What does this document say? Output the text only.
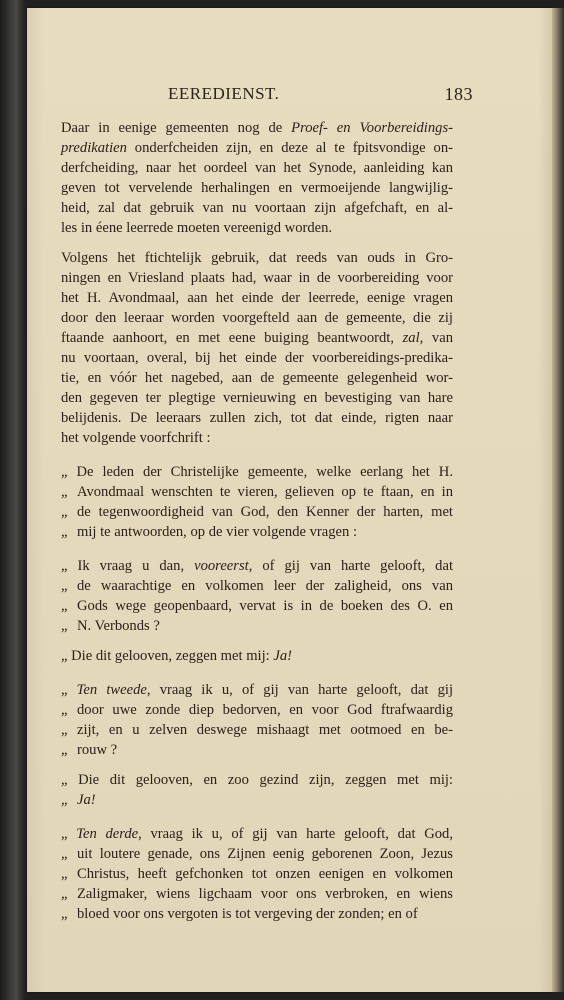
EEREDIENST.	183
Daar in eenige gemeenten nog de Proef- en Voorbereidings-
predikatien onderfcheiden zijn, en deze al te fpitsvondige on-
derfcheiding, naar het oordeel van het Synode, aanleiding kan
geven tot vervelende herhalingen en vermoeijende langwijlig-
heid, zal dat gebruik van nu voortaan zijn afgefchaft, en al-
les in éene leerrede moeten vereenigd worden.
Volgens het ftichtelijk gebruik, dat reeds van ouds in Gro-
ningen en Vriesland plaats had, waar in de voorbereiding voor
het H. Avondmaal, aan het einde der leerrede, eenige vragen
door den leeraar worden voorgefteld aan de gemeente, die zij
ftaande aanhoort, en met eene buiging beantwoordt, zal, van
nu voortaan, overal, bij het einde der voorbereidings-predika-
tie, en vóór het nagebed, aan de gemeente gelegenheid wor-
den gegeven ter plegtige vernieuwing en bevestiging van hare
belijdenis. De leeraars zullen zich, tot dat einde, rigten naar
het volgende voorfchrift :
„ De leden der Christelijke gemeente, welke eerlang het H.
„ Avondmaal wenschten te vieren, gelieven op te ftaan, en in
„ de tegenwoordigheid van God, den Kenner der harten, met
„ mij te antwoorden, op de vier volgende vragen :
„ Ik vraag u dan, vooreerst, of gij van harte gelooft, dat
„ de waarachtige en volkomen leer der zaligheid, ons van
„ Gods wege geopenbaard, vervat is in de boeken des O. en
„ N. Verbonds ?
„ Die dit gelooven, zeggen met mij: Ja!
„ Ten tweede, vraag ik u, of gij van harte gelooft, dat gij
„ door uwe zonde diep bedorven, en voor God ftrafwaardig
„ zijt, en u zelven deswege mishaagt met ootmoed en be-
„ rouw ?
„ Die dit gelooven, en zoo gezind zijn, zeggen met mij:
„ Ja!
„ Ten derde, vraag ik u, of gij van harte gelooft, dat God,
„ uit loutere genade, ons Zijnen eenig geborenen Zoon, Jezus
„ Christus, heeft gefchonken tot onzen eenigen en volkomen
„ Zaligmaker, wiens ligchaam voor ons verbroken, en wiens
„ bloed voor ons vergoten is tot vergeving der zonden; en of
